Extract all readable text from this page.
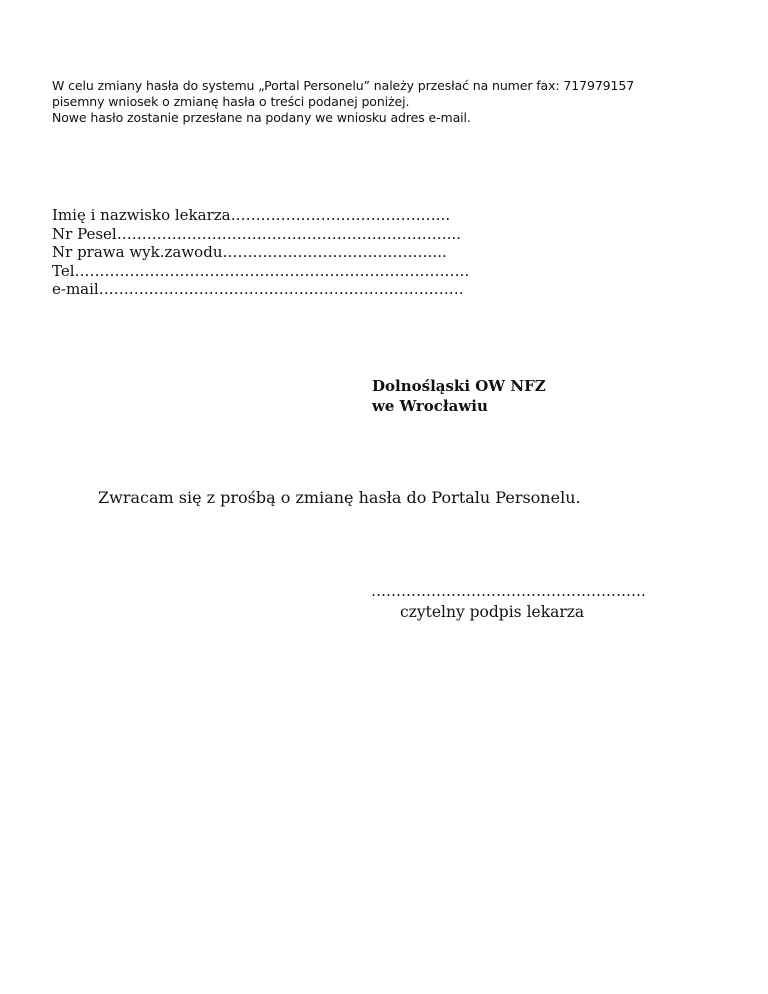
W celu zmiany hasła do systemu „Portal Personelu” należy przesłać na numer fax: 717979157
pisemny wniosek o zmianę hasła o treści podanej poniżej.
Nowe hasło zostanie przesłane na podany we wniosku adres e-mail.
Imię i nazwisko lekarza……………………………………..
Nr Pesel…………………………………………………………...
Nr prawa wyk.zawodu……………………………………...
Tel…………………………………………………………………….
e-mail……………………………………………………………….
Dolnośląski OW NFZ
we Wrocławiu
Zwracam się z prośbą o zmianę hasła do Portalu Personelu.
……………………………………………….
czytelny podpis lekarza
